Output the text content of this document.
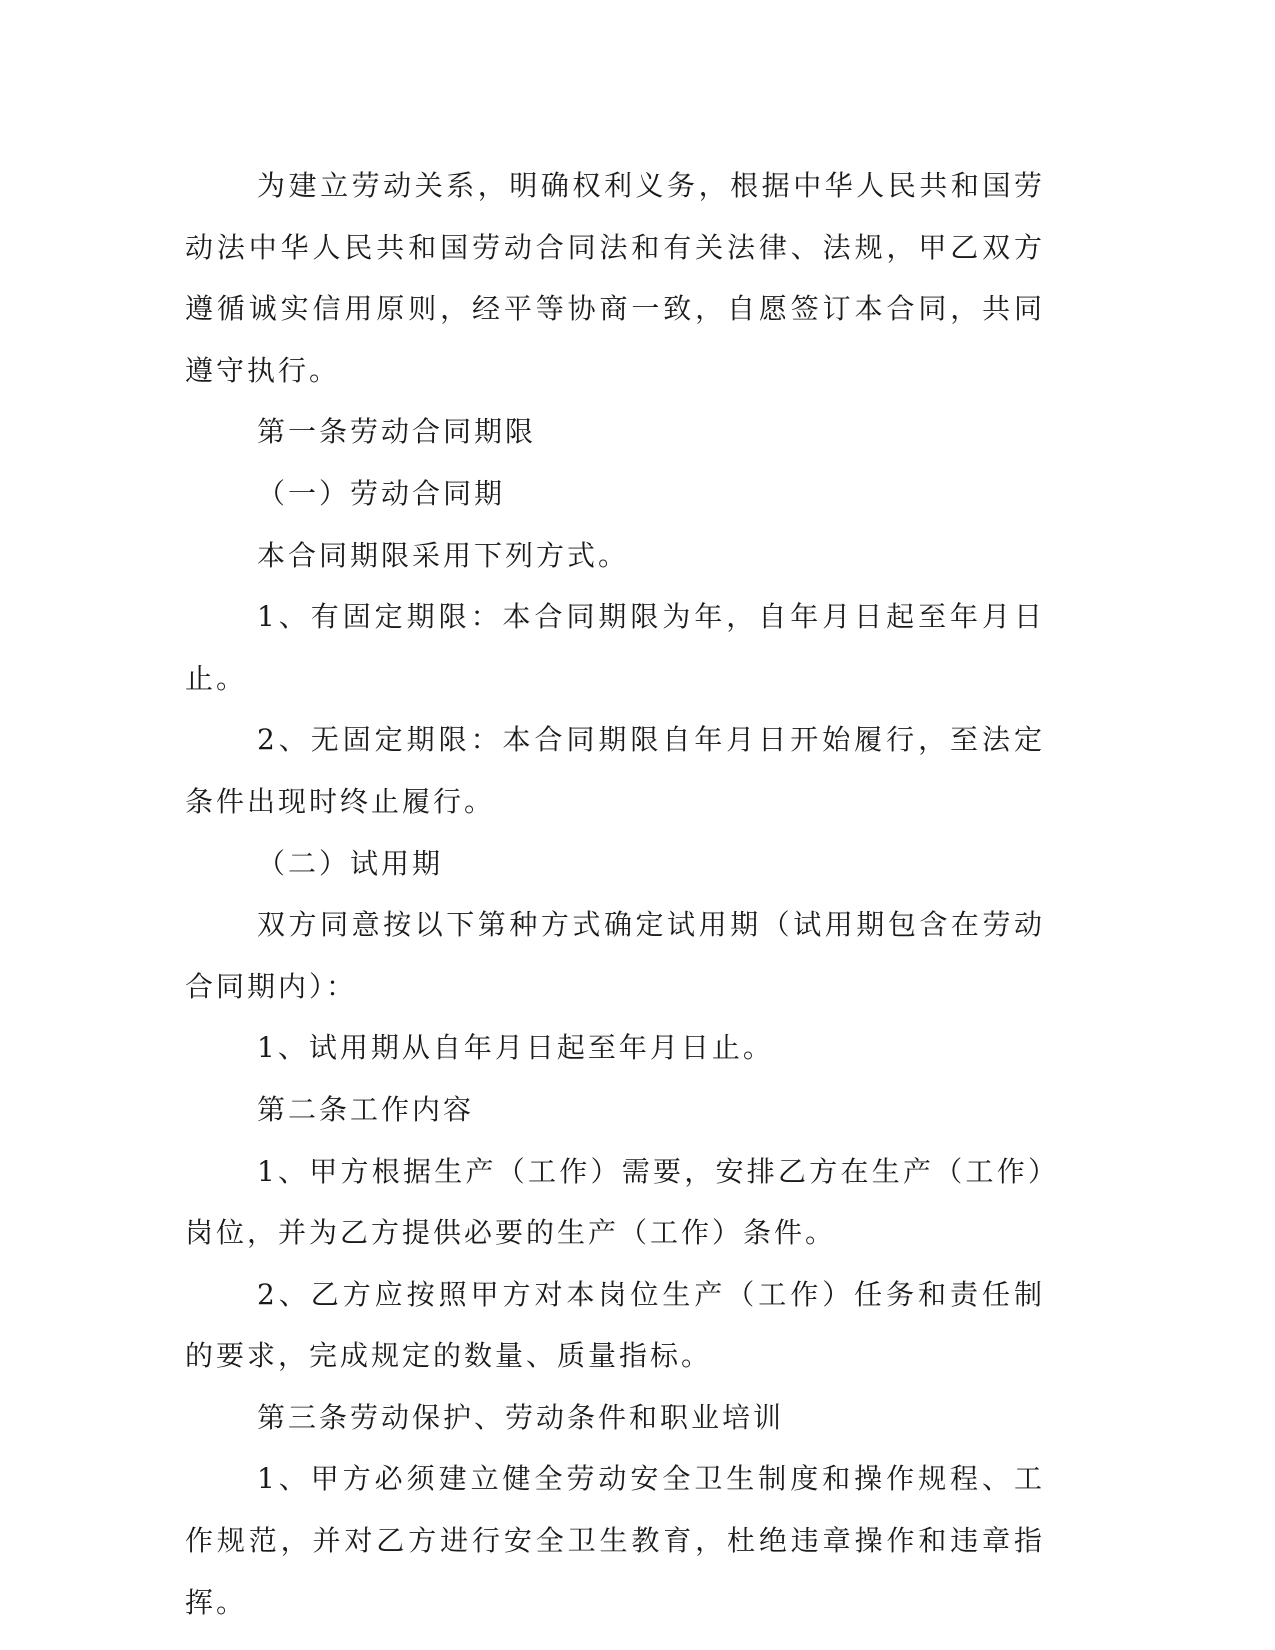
为建立劳动关系，明确权利义务，根据中华人民共和国劳动法中华人民共和国劳动合同法和有关法律、法规，甲乙双方遵循诚实信用原则，经平等协商一致，自愿签订本合同，共同遵守执行。

第一条劳动合同期限

（一）劳动合同期

本合同期限采用下列方式。

1、有固定期限：本合同期限为年，自年月日起至年月日止。

2、无固定期限：本合同期限自年月日开始履行，至法定条件出现时终止履行。

（二）试用期

双方同意按以下第种方式确定试用期（试用期包含在劳动合同期内）：

1、试用期从自年月日起至年月日止。

第二条工作内容

1、甲方根据生产（工作）需要，安排乙方在生产（工作）岗位，并为乙方提供必要的生产（工作）条件。

2、乙方应按照甲方对本岗位生产（工作）任务和责任制的要求，完成规定的数量、质量指标。

第三条劳动保护、劳动条件和职业培训

1、甲方必须建立健全劳动安全卫生制度和操作规程、工作规范，并对乙方进行安全卫生教育，杜绝违章操作和违章指挥。
